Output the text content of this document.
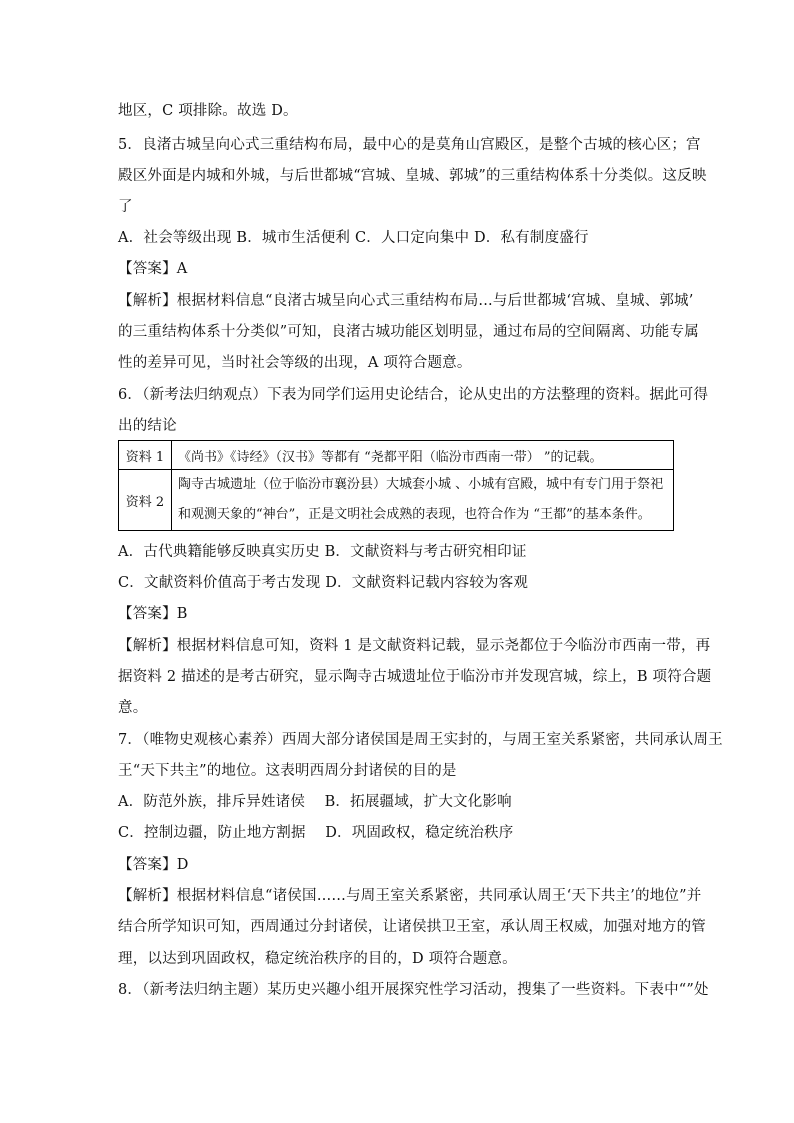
地区，C 项排除。故选 D。
5．良渚古城呈向心式三重结构布局，最中心的是莫角山宫殿区，是整个古城的核心区；宫
殿区外面是内城和外城，与后世都城“宫城、皇城、郭城”的三重结构体系十分类似。这反映
了
A．社会等级出现 B．城市生活便利 C．人口定向集中 D．私有制度盛行
【答案】A
【解析】根据材料信息“良渚古城呈向心式三重结构布局...与后世都城‘宫城、皇城、郭城’
的三重结构体系十分类似”可知，良渚古城功能区划明显，通过布局的空间隔离、功能专属
性的差异可见，当时社会等级的出现，A 项符合题意。
6．（新考法归纳观点）下表为同学们运用史论结合，论从史出的方法整理的资料。据此可得
出的结论
资料 1	《尚书》《诗经》（汉书》等都有 “尧都平阳（临汾市西南一带） ”的记载。
资料 2	陶寺古城遗址（位于临汾市襄汾县）大城套小城 、小城有宫殿，城中有专门用于祭祀
和观测天象的“神台”，正是文明社会成熟的表现，也符合作为 “王都”的基本条件。
A．古代典籍能够反映真实历史 B．文献资料与考古研究相印证
C．文献资料价值高于考古发现 D．文献资料记载内容较为客观
【答案】B
【解析】根据材料信息可知，资料 1 是文献资料记载，显示尧都位于今临汾市西南一带，再
据资料 2 描述的是考古研究，显示陶寺古城遗址位于临汾市并发现宫城，综上，B 项符合题
意。
7．（唯物史观核心素养）西周大部分诸侯国是周王实封的，与周王室关系紧密，共同承认周王
王“天下共主”的地位。这表明西周分封诸侯的目的是
A．防范外族，排斥异姓诸侯　 B．拓展疆域，扩大文化影响
C．控制边疆，防止地方割据　 D．巩固政权，稳定统治秩序
【答案】D
【解析】根据材料信息“诸侯国……与周王室关系紧密，共同承认周王‘天下共主’的地位”并
结合所学知识可知，西周通过分封诸侯，让诸侯拱卫王室，承认周王权威，加强对地方的管
理，以达到巩固政权，稳定统治秩序的目的，D 项符合题意。
8．（新考法归纳主题）某历史兴趣小组开展探究性学习活动，搜集了一些资料。下表中“”处
